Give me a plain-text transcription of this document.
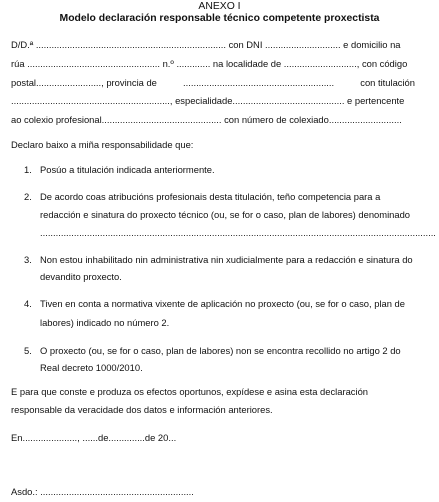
ANEXO I
Modelo declaración responsable técnico competente proxectista
D/D.ª ......................................................................... con DNI ............................. e domicilio na
rúa ................................................... n.º ............. na localidade de ............................, con código
postal........................., provincia de	..........................................................	con titulación
............................................................., especialidade........................................... e pertencente
ao colexio profesional.............................................. con número de colexiado............................
Declaro baixo a miña responsabilidade que:
1. Posúo a titulación indicada anteriormente.
2. De acordo coas atribucións profesionais desta titulación, teño competencia para a
redacción e sinatura do proxecto técnico (ou, se for o caso, plan de labores) denominado
........................................................................................................................................................
3. Non estou inhabilitado nin administrativa nin xudicialmente para a redacción e sinatura do
devandito proxecto.
4. Tiven en conta a normativa vixente de aplicación no proxecto (ou, se for o caso, plan de
labores) indicado no número 2.
5. O proxecto (ou, se for o caso, plan de labores) non se encontra recollido no artigo 2 do
Real decreto 1000/2010.
E para que conste e produza os efectos oportunos, expídese e asina esta declaración
responsable da veracidade dos datos e información anteriores.
En....................., ......de..............de 20...
Asdo.: ...........................................................
